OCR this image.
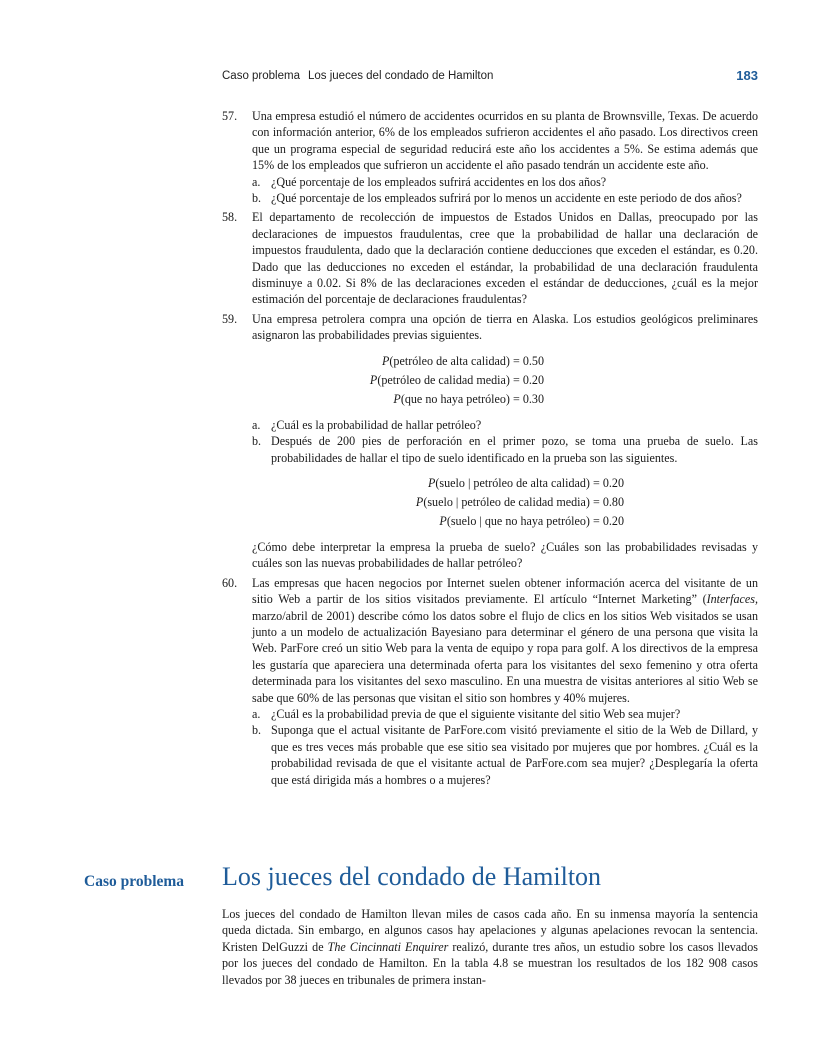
Caso problema Los jueces del condado de Hamilton	183
57. Una empresa estudió el número de accidentes ocurridos en su planta de Brownsville, Texas. De acuerdo con información anterior, 6% de los empleados sufrieron accidentes el año pasado. Los directivos creen que un programa especial de seguridad reducirá este año los accidentes a 5%. Se estima además que 15% de los empleados que sufrieron un accidente el año pasado tendrán un accidente este año.

a. ¿Qué porcentaje de los empleados sufrirá accidentes en los dos años?
b. ¿Qué porcentaje de los empleados sufrirá por lo menos un accidente en este periodo de dos años?
58. El departamento de recolección de impuestos de Estados Unidos en Dallas, preocupado por las declaraciones de impuestos fraudulentas, cree que la probabilidad de hallar una declaración de impuestos fraudulenta, dado que la declaración contiene deducciones que exceden el estándar, es 0.20. Dado que las deducciones no exceden el estándar, la probabilidad de una declaración fraudulenta disminuye a 0.02. Si 8% de las declaraciones exceden el estándar de deducciones, ¿cuál es la mejor estimación del porcentaje de declaraciones fraudulentas?

59. Una empresa petrolera compra una opción de tierra en Alaska. Los estudios geológicos preliminares asignaron las probabilidades previas siguientes.

P(petróleo de alta calidad) = 0.50
P(petróleo de calidad media) = 0.20
P(que no haya petróleo) = 0.30
a. ¿Cuál es la probabilidad de hallar petróleo?
b. Después de 200 pies de perforación en el primer pozo, se toma una prueba de suelo. Las probabilidades de hallar el tipo de suelo identificado en la prueba son las siguientes.
P(suelo | petróleo de alta calidad) = 0.20
P(suelo | petróleo de calidad media) = 0.80
P(suelo | que no haya petróleo) = 0.20

¿Cómo debe interpretar la empresa la prueba de suelo? ¿Cuáles son las probabilidades revisadas y cuáles son las nuevas probabilidades de hallar petróleo?

60. Las empresas que hacen negocios por Internet suelen obtener información acerca del visitante de un sitio Web a partir de los sitios visitados previamente. El artículo “Internet Marketing” (Interfaces, marzo/abril de 2001) describe cómo los datos sobre el flujo de clics en los sitios Web visitados se usan junto a un modelo de actualización Bayesiano para determinar el género de una persona que visita la Web. ParFore creó un sitio Web para la venta de equipo y ropa para golf. A los directivos de la empresa les gustaría que apareciera una determinada oferta para los visitantes del sexo femenino y otra oferta determinada para los visitantes del sexo masculino. En una muestra de visitas anteriores al sitio Web se sabe que 60% de las personas que visitan el sitio son hombres y 40% mujeres.

a. ¿Cuál es la probabilidad previa de que el siguiente visitante del sitio Web sea mujer?
b. Suponga que el actual visitante de ParFore.com visitó previamente el sitio de la Web de Dillard, y que es tres veces más probable que ese sitio sea visitado por mujeres que por hombres. ¿Cuál es la probabilidad revisada de que el visitante actual de ParFore.com sea mujer? ¿Desplegaría la oferta que está dirigida más a hombres o a mujeres?
Caso problema Los jueces del condado de Hamilton

Los jueces del condado de Hamilton llevan miles de casos cada año. En su inmensa mayoría la sentencia queda dictada. Sin embargo, en algunos casos hay apelaciones y algunas apelaciones revocan la sentencia. Kristen DelGuzzi de The Cincinnati Enquirer realizó, durante tres años, un estudio sobre los casos llevados por los jueces del condado de Hamilton. En la tabla 4.8 se muestran los resultados de los 182 908 casos llevados por 38 jueces en tribunales de primera instan-
